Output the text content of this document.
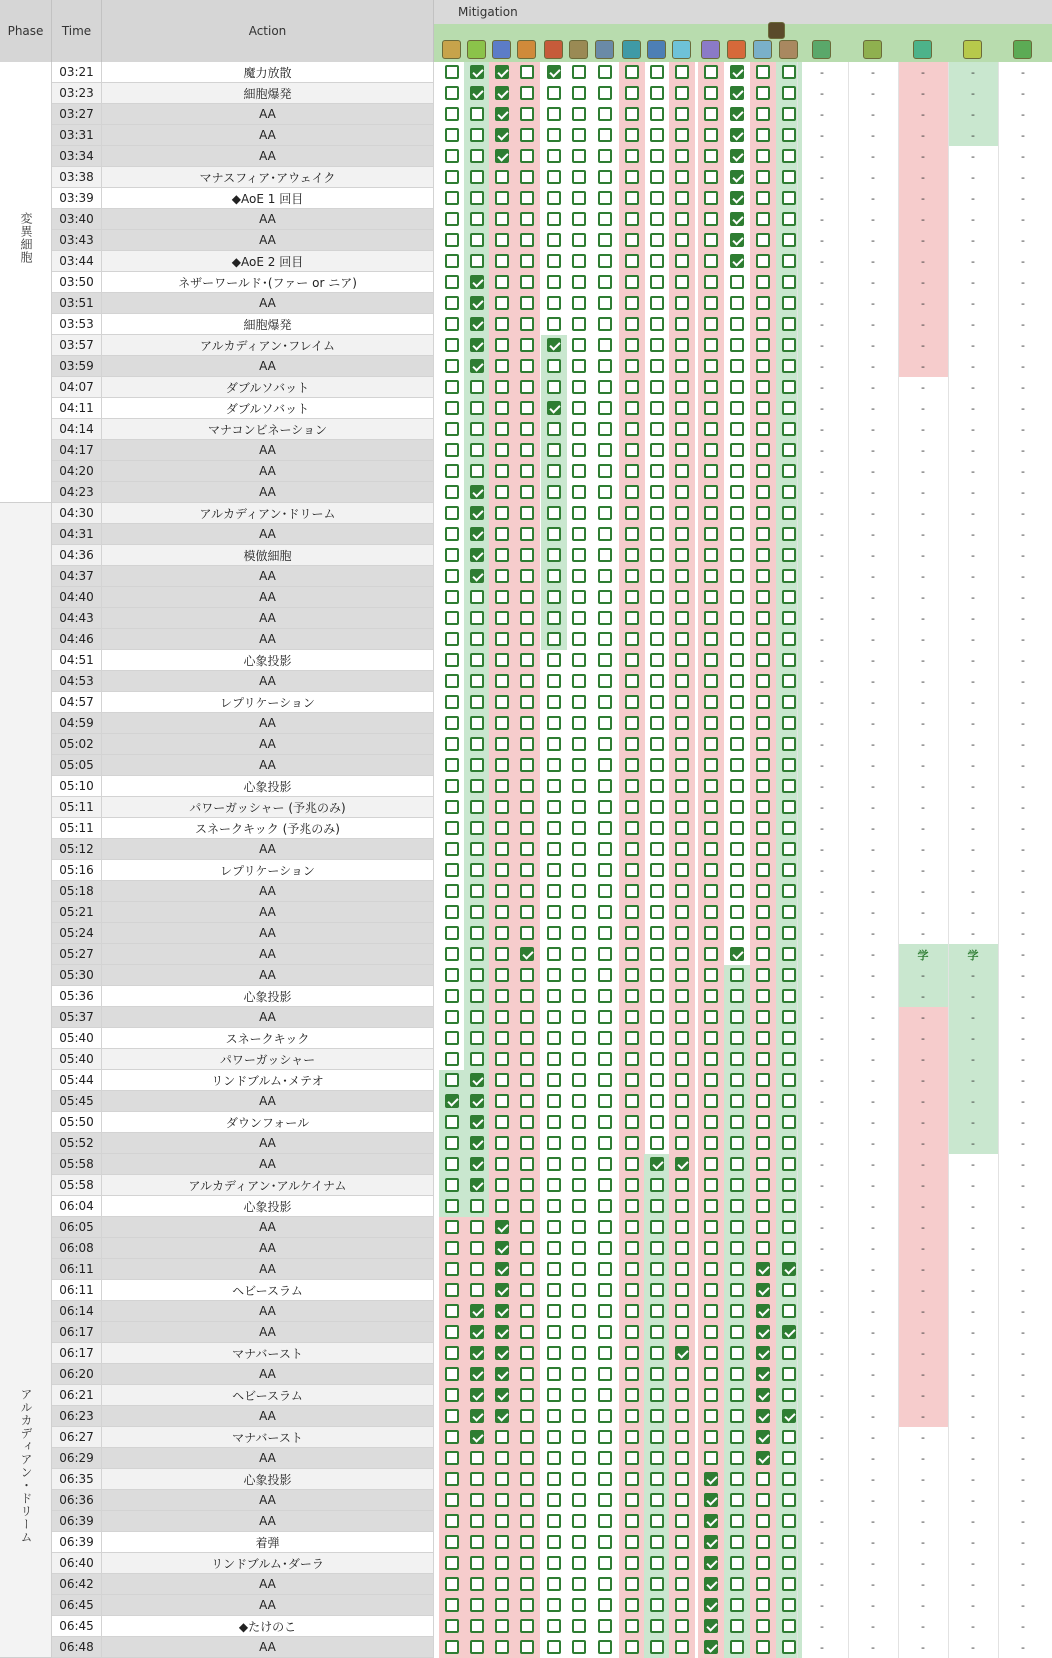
Phase	Time	Action
Mitigation
変異細胞
アルカディアン・ドリーム
03:21	魔力放散	-	-	-	-	-
03:23	細胞爆発	-	-	-	-	-
03:27	AA	-	-	-	-	-
03:31	AA	-	-	-	-	-
03:34	AA	-	-	-	-	-
03:38	マナスフィア･アウェイク	-	-	-	-	-
03:39	◆AoE 1 回目	-	-	-	-	-
03:40	AA	-	-	-	-	-
03:43	AA	-	-	-	-	-
03:44	◆AoE 2 回目	-	-	-	-	-
03:50	ネザーワールド･(ファー or ニア)	-	-	-	-	-
03:51	AA	-	-	-	-	-
03:53	細胞爆発	-	-	-	-	-
03:57	アルカディアン･フレイム	-	-	-	-	-
03:59	AA	-	-	-	-	-
04:07	ダブルソバット	-	-	-	-	-
04:11	ダブルソバット	-	-	-	-	-
04:14	マナコンビネーション	-	-	-	-	-
04:17	AA	-	-	-	-	-
04:20	AA	-	-	-	-	-
04:23	AA	-	-	-	-	-
04:30	アルカディアン･ドリーム	-	-	-	-	-
04:31	AA	-	-	-	-	-
04:36	模倣細胞	-	-	-	-	-
04:37	AA	-	-	-	-	-
04:40	AA	-	-	-	-	-
04:43	AA	-	-	-	-	-
04:46	AA	-	-	-	-	-
04:51	心象投影	-	-	-	-	-
04:53	AA	-	-	-	-	-
04:57	レプリケーション	-	-	-	-	-
04:59	AA	-	-	-	-	-
05:02	AA	-	-	-	-	-
05:05	AA	-	-	-	-	-
05:10	心象投影	-	-	-	-	-
05:11	パワーガッシャー (予兆のみ)	-	-	-	-	-
05:11	スネークキック (予兆のみ)	-	-	-	-	-
05:12	AA	-	-	-	-	-
05:16	レプリケーション	-	-	-	-	-
05:18	AA	-	-	-	-	-
05:21	AA	-	-	-	-	-
05:24	AA	-	-	-	-	-
05:27	AA	-	-	学	学	-
05:30	AA	-	-	-	-	-
05:36	心象投影	-	-	-	-	-
05:37	AA	-	-	-	-	-
05:40	スネークキック	-	-	-	-	-
05:40	パワーガッシャー	-	-	-	-	-
05:44	リンドブルム･メテオ	-	-	-	-	-
05:45	AA	-	-	-	-	-
05:50	ダウンフォール	-	-	-	-	-
05:52	AA	-	-	-	-	-
05:58	AA	-	-	-	-	-
05:58	アルカディアン･アルケイナム	-	-	-	-	-
06:04	心象投影	-	-	-	-	-
06:05	AA	-	-	-	-	-
06:08	AA	-	-	-	-	-
06:11	AA	-	-	-	-	-
06:11	ヘビースラム	-	-	-	-	-
06:14	AA	-	-	-	-	-
06:17	AA	-	-	-	-	-
06:17	マナバースト	-	-	-	-	-
06:20	AA	-	-	-	-	-
06:21	ヘビースラム	-	-	-	-	-
06:23	AA	-	-	-	-	-
06:27	マナバースト	-	-	-	-	-
06:29	AA	-	-	-	-	-
06:35	心象投影	-	-	-	-	-
06:36	AA	-	-	-	-	-
06:39	AA	-	-	-	-	-
06:39	着弾	-	-	-	-	-
06:40	リンドブルム･ダーラ	-	-	-	-	-
06:42	AA	-	-	-	-	-
06:45	AA	-	-	-	-	-
06:45	◆たけのこ	-	-	-	-	-
06:48	AA	-	-	-	-	-
